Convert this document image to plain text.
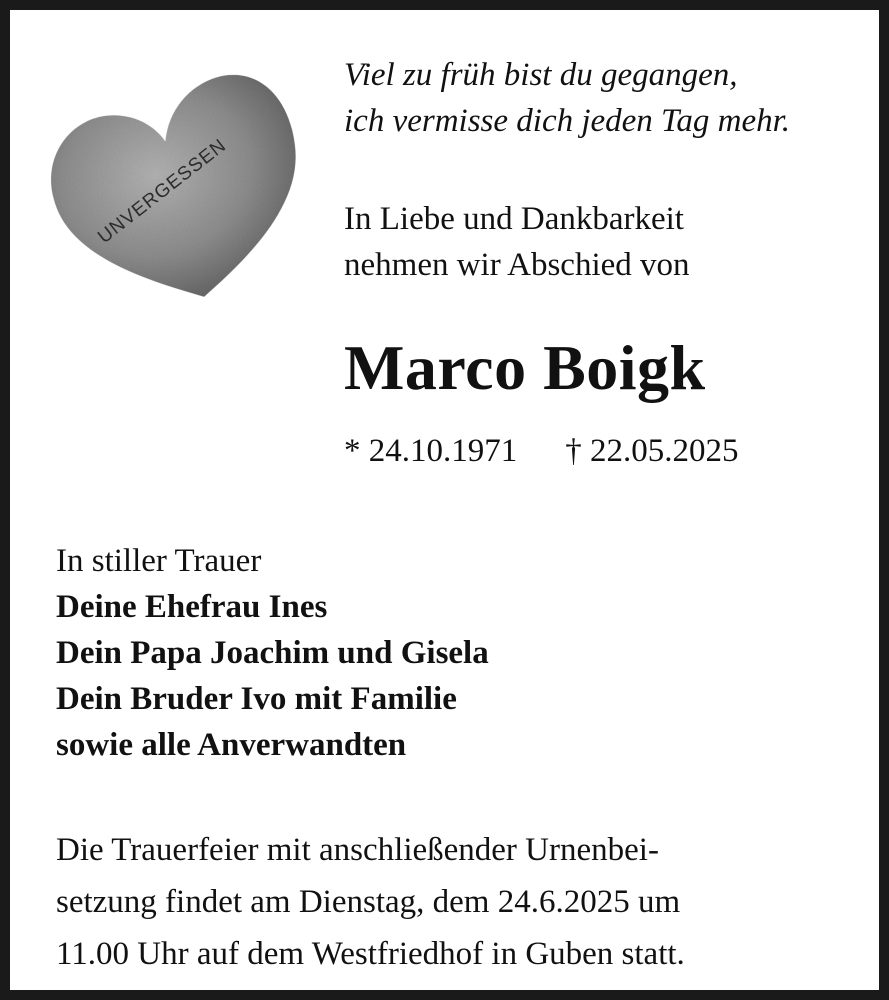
UNVERGESSEN

Viel zu früh bist du gegangen,
ich vermisse dich jeden Tag mehr.

In Liebe und Dankbarkeit
nehmen wir Abschied von

Marco Boigk
* 24.10.1971 † 22.05.2025

In stiller Trauer
Deine Ehefrau Ines
Dein Papa Joachim und Gisela
Dein Bruder Ivo mit Familie
sowie alle Anverwandten

Die Trauerfeier mit anschließender Urnenbei-
setzung findet am Dienstag, dem 24.6.2025 um
11.00 Uhr auf dem Westfriedhof in Guben statt.
